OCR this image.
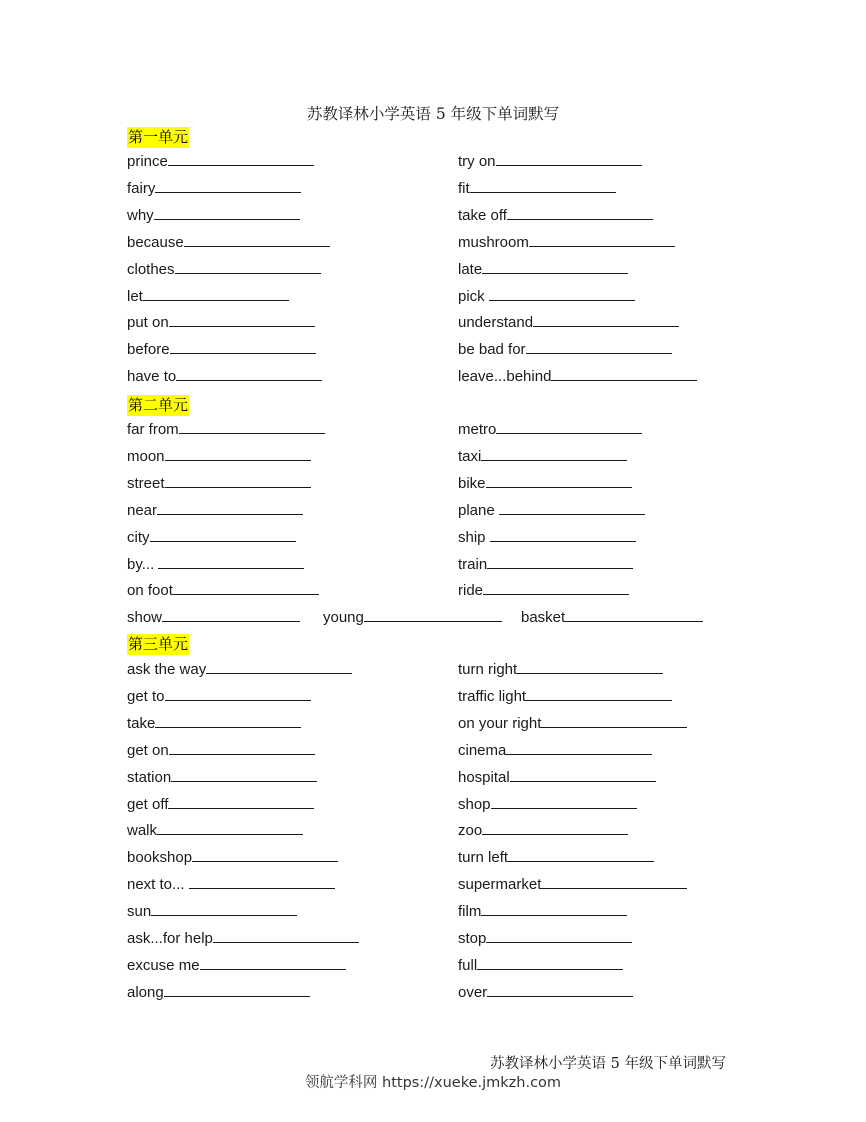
苏教译林小学英语 5 年级下单词默写
第一单元
prince	try on
fairy	fit
why	take off
because	mushroom
clothes	late
let	pick
put on	understand
before	be bad for
have to	leave...behind
第二单元
far from	metro
moon	taxi
street	bike
near	plane
city	ship
by...	train
on foot	ride
show	young	basket
第三单元
ask the way	turn right
get to	traffic light
take	on your right
get on	cinema
station	hospital
get off	shop
walk	zoo
bookshop	turn left
next to...	supermarket
sun	film
ask...for help	stop
excuse me	full
along	over
苏教译林小学英语 5 年级下单词默写
领航学科网 https://xueke.jmkzh.com
